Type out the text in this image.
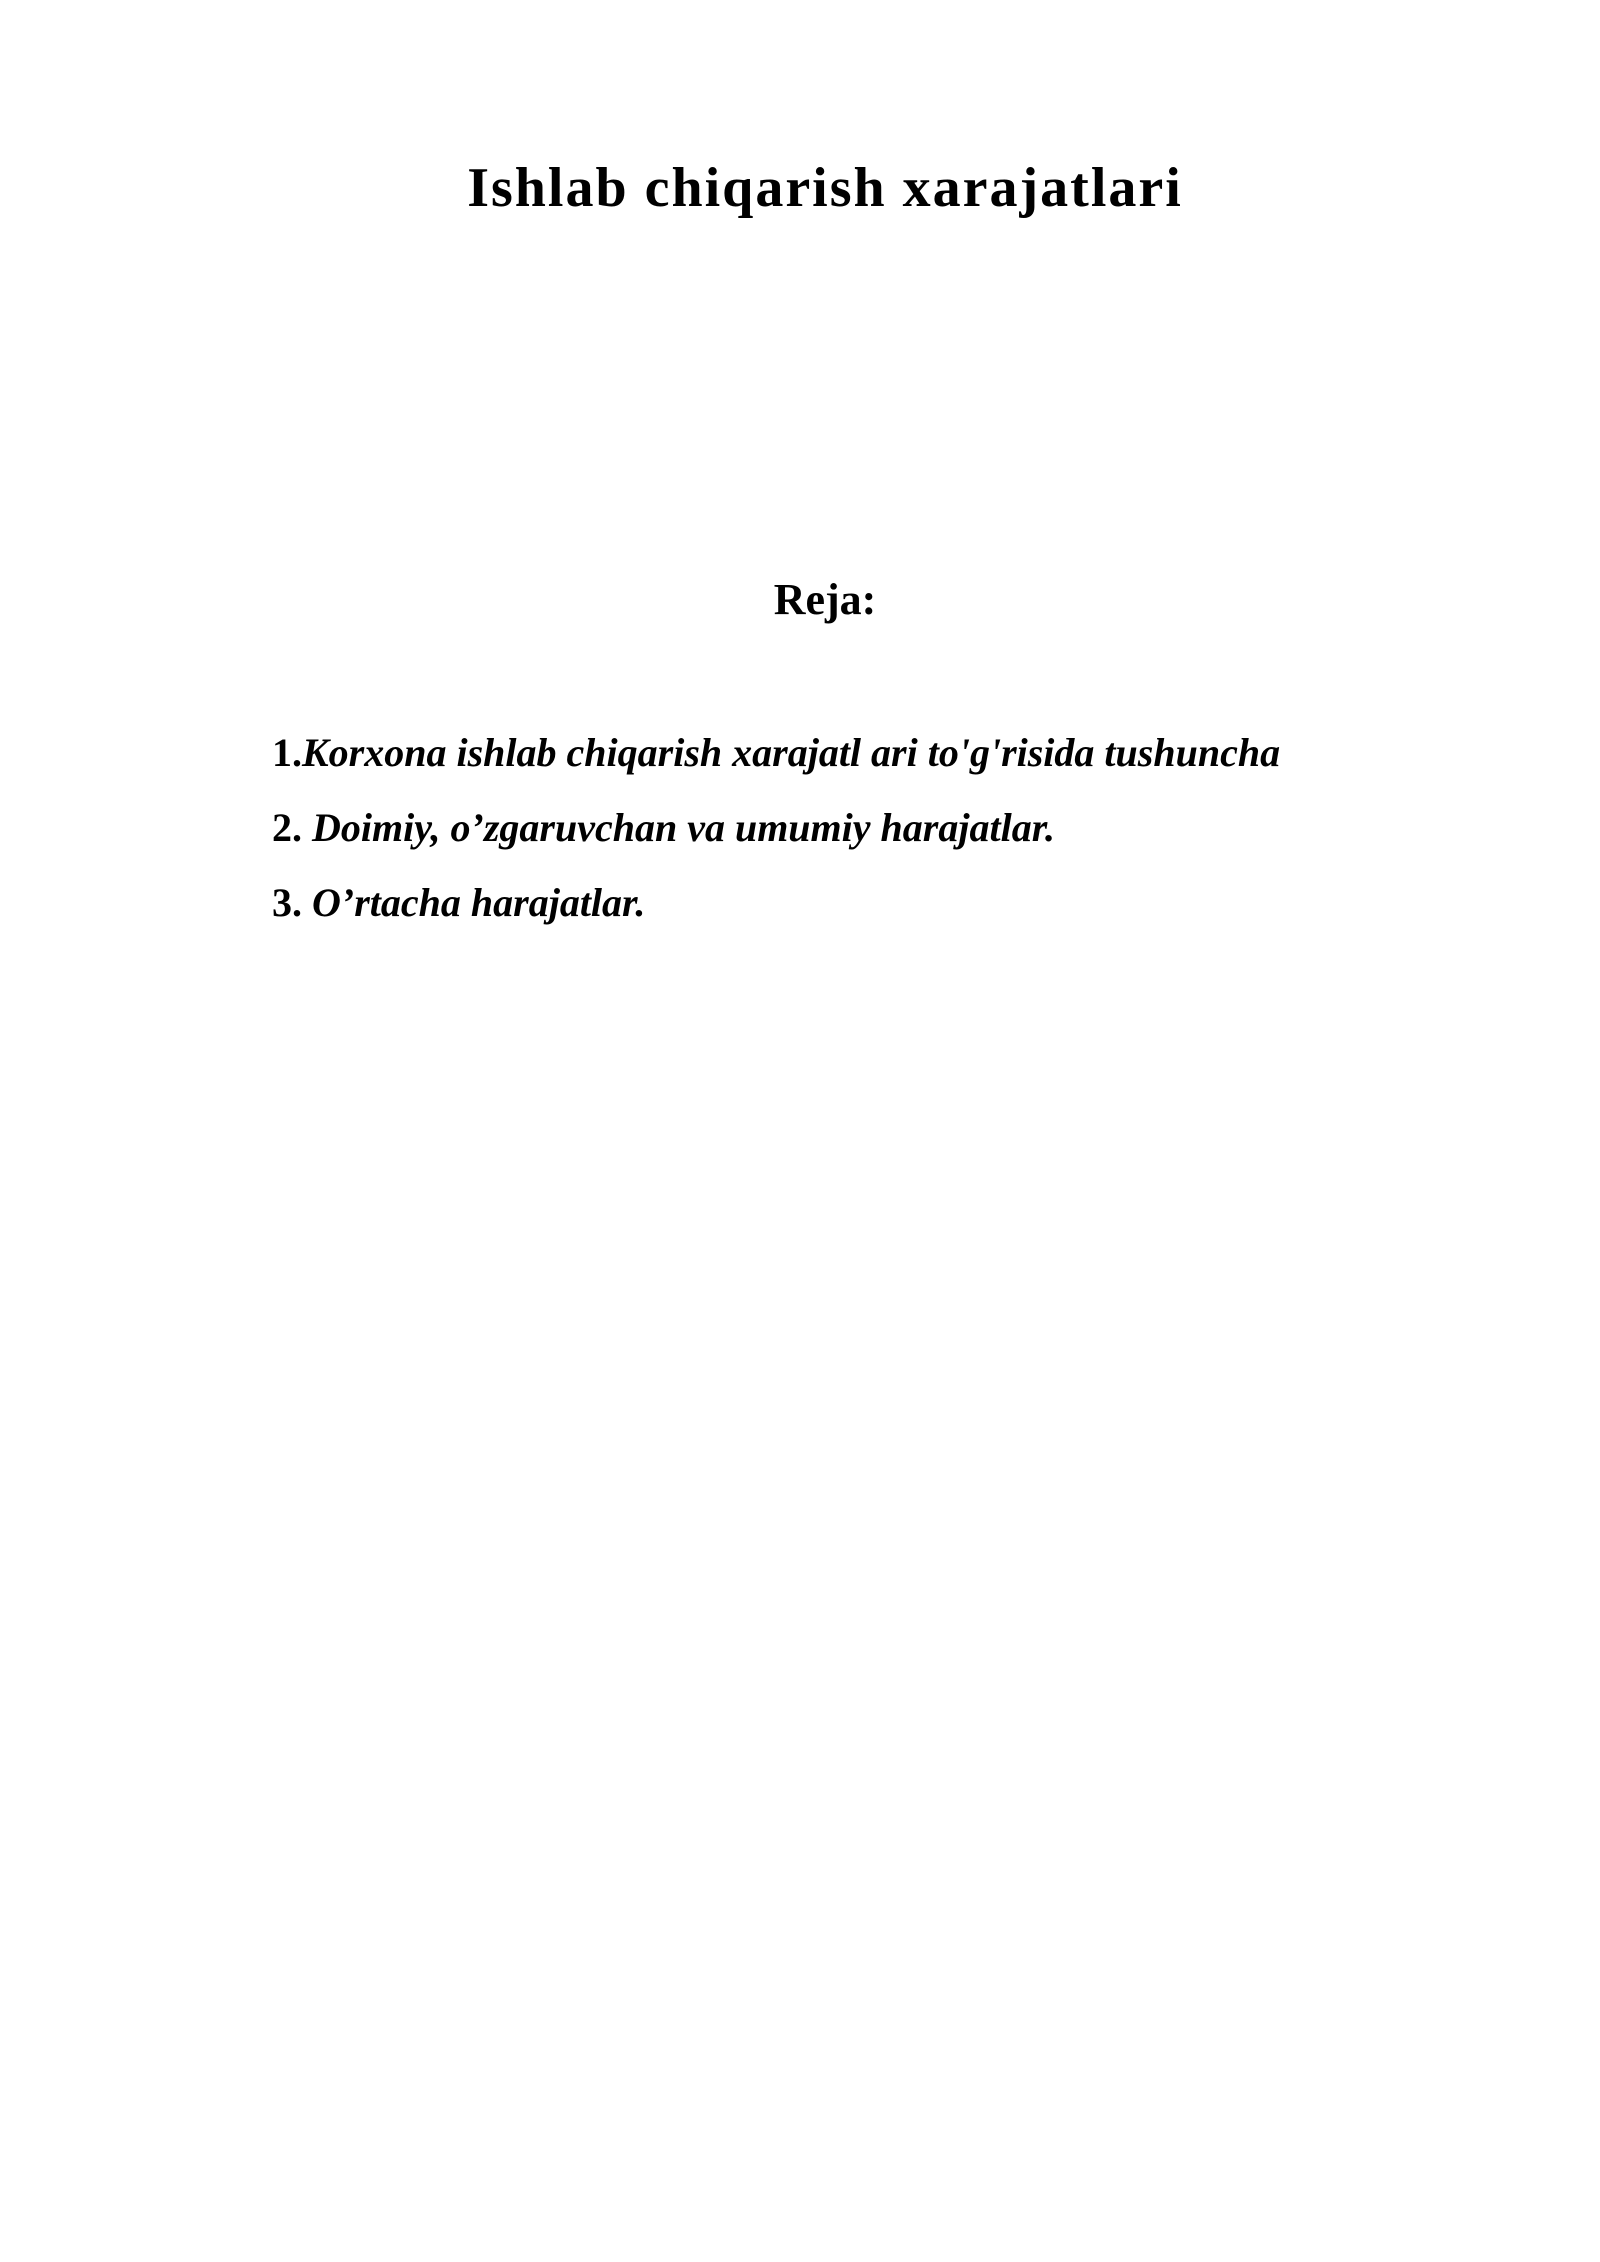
Ishlab chiqarish xarajatlari
Reja:
1.Korxona ishlab chiqarish xarajatl ari to'g'risida tushuncha
2. Doimiy, o’zgaruvchan va umumiy harajatlar.
3. O’rtacha harajatlar.
